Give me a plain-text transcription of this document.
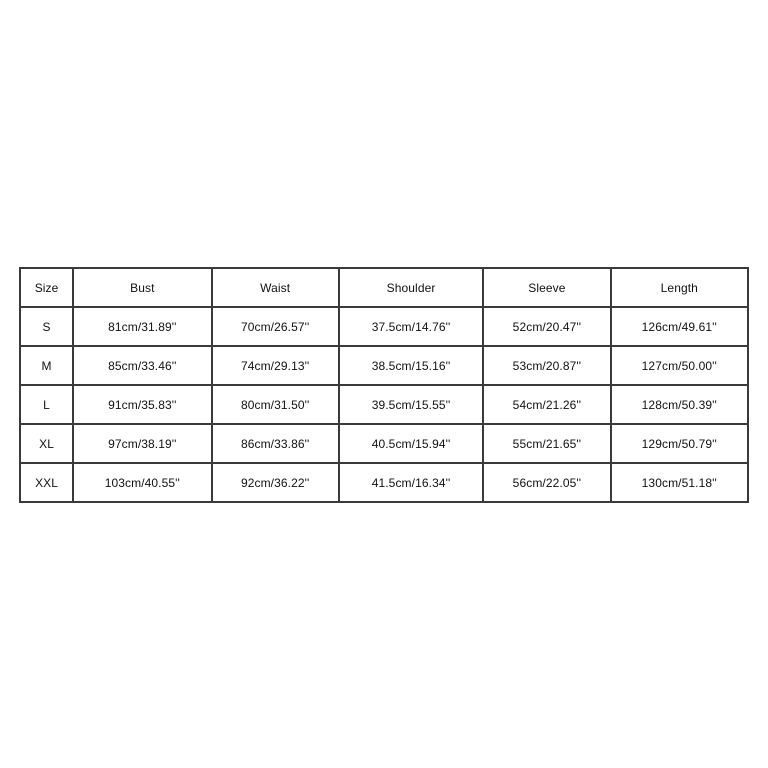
Size	Bust	Waist	Shoulder	Sleeve	Length
S	81cm/31.89''	70cm/26.57''	37.5cm/14.76''	52cm/20.47''	126cm/49.61''
M	85cm/33.46''	74cm/29.13''	38.5cm/15.16''	53cm/20.87''	127cm/50.00''
L	91cm/35.83''	80cm/31.50''	39.5cm/15.55''	54cm/21.26''	128cm/50.39''
XL	97cm/38.19''	86cm/33.86''	40.5cm/15.94''	55cm/21.65''	129cm/50.79''
XXL	103cm/40.55''	92cm/36.22''	41.5cm/16.34''	56cm/22.05''	130cm/51.18''
